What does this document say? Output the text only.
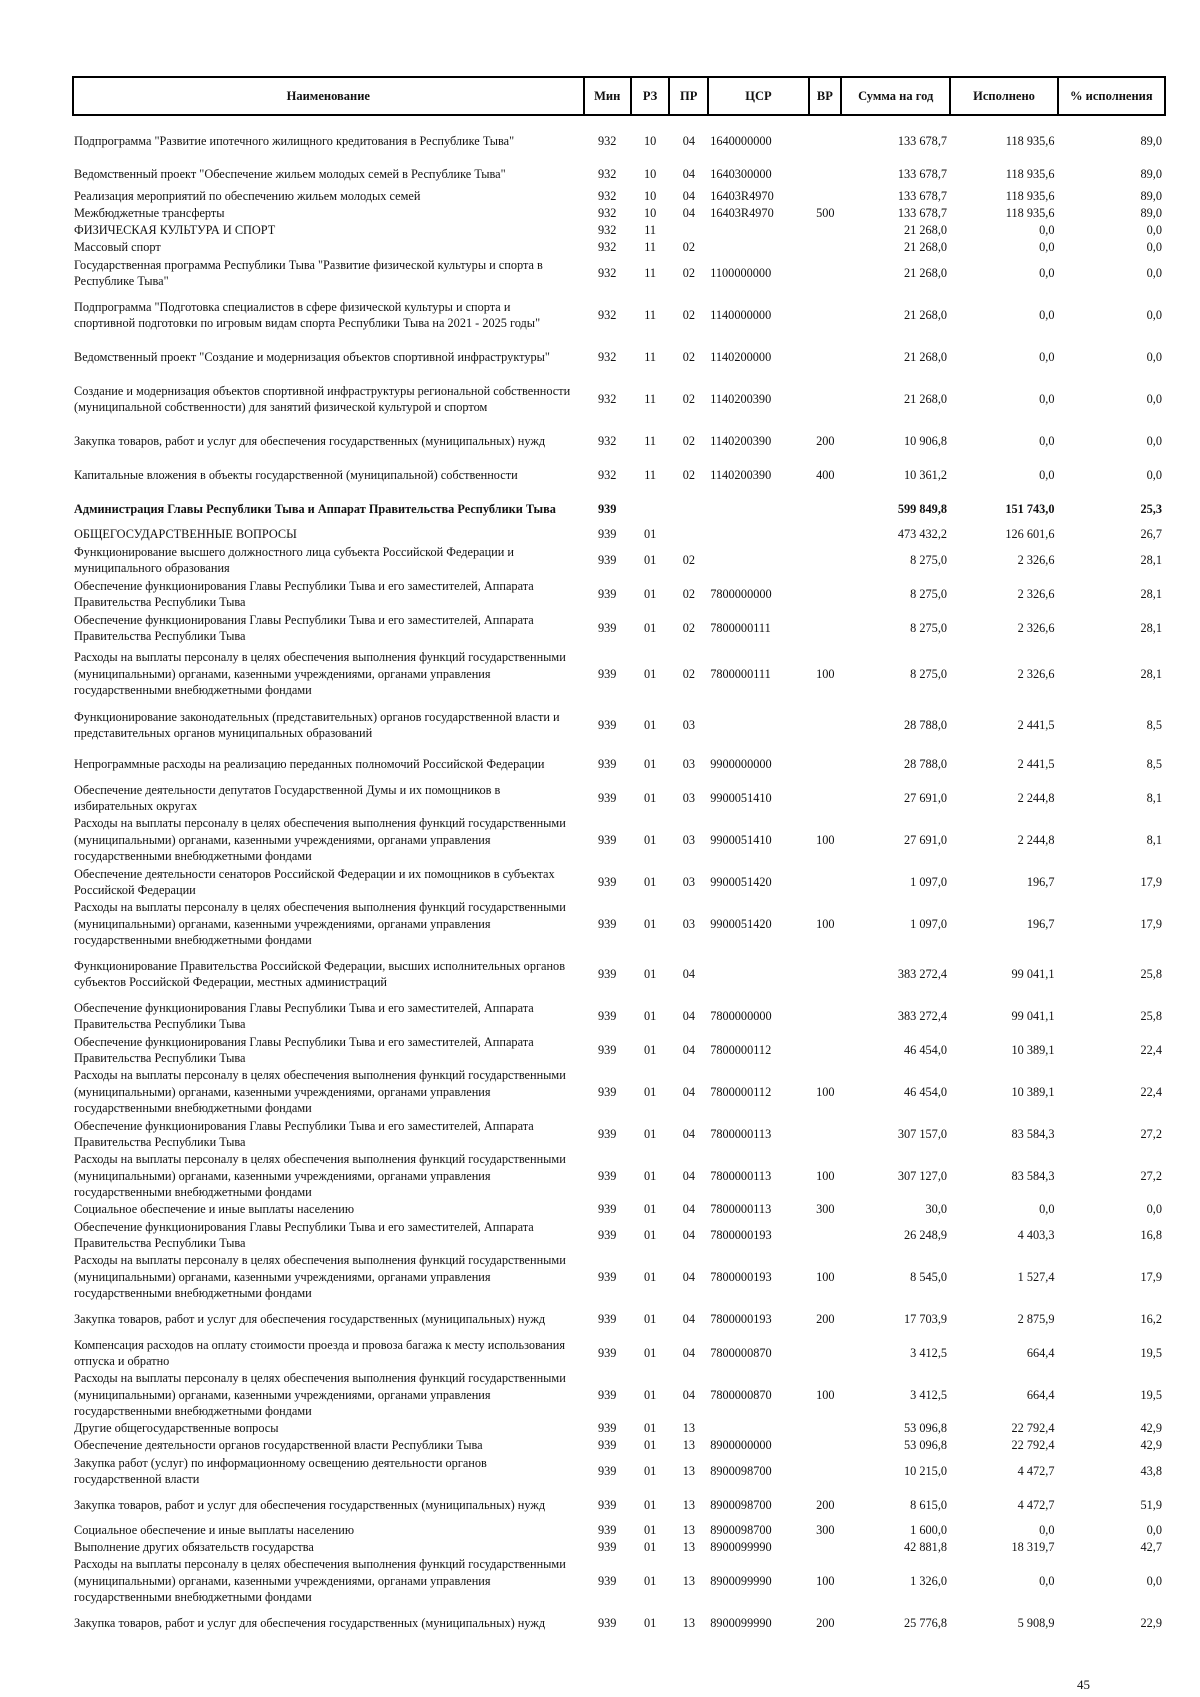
Наименование	Мин	РЗ	ПР	ЦСР	ВР	Сумма на год	Исполнено	% исполнения
Подпрограмма "Развитие ипотечного жилищного кредитования в Республике Тыва"	932	10	04	1640000000		133 678,7	118 935,6	89,0
Ведомственный проект "Обеспечение жильем молодых семей в Республике Тыва"	932	10	04	1640300000		133 678,7	118 935,6	89,0
Реализация мероприятий по обеспечению жильем молодых семей	932	10	04	16403R4970		133 678,7	118 935,6	89,0
Межбюджетные трансферты	932	10	04	16403R4970	500	133 678,7	118 935,6	89,0
ФИЗИЧЕСКАЯ КУЛЬТУРА И СПОРТ	932	11				21 268,0	0,0	0,0
Массовый спорт	932	11	02			21 268,0	0,0	0,0
Государственная программа Республики Тыва "Развитие физической культуры и спорта в Республике Тыва"	932	11	02	1100000000		21 268,0	0,0	0,0
Подпрограмма "Подготовка специалистов в сфере физической культуры и спорта и спортивной подготовки по игровым видам спорта Республики Тыва на 2021 - 2025 годы"	932	11	02	1140000000		21 268,0	0,0	0,0
Ведомственный проект "Создание и модернизация объектов спортивной инфраструктуры"	932	11	02	1140200000		21 268,0	0,0	0,0
Создание и модернизация объектов спортивной инфраструктуры региональной собственности (муниципальной собственности) для занятий физической культурой и спортом	932	11	02	1140200390		21 268,0	0,0	0,0
Закупка товаров, работ и услуг для обеспечения государственных (муниципальных) нужд	932	11	02	1140200390	200	10 906,8	0,0	0,0
Капитальные вложения в объекты государственной (муниципальной) собственности	932	11	02	1140200390	400	10 361,2	0,0	0,0
Администрация Главы Республики Тыва и Аппарат Правительства Республики Тыва	939					599 849,8	151 743,0	25,3
ОБЩЕГОСУДАРСТВЕННЫЕ ВОПРОСЫ	939	01				473 432,2	126 601,6	26,7
Функционирование высшего должностного лица субъекта Российской Федерации и муниципального образования	939	01	02			8 275,0	2 326,6	28,1
Обеспечение функционирования Главы Республики Тыва и его заместителей, Аппарата Правительства Республики Тыва	939	01	02	7800000000		8 275,0	2 326,6	28,1
Обеспечение функционирования Главы Республики Тыва и его заместителей, Аппарата Правительства Республики Тыва	939	01	02	7800000111		8 275,0	2 326,6	28,1
Расходы на выплаты персоналу в целях обеспечения выполнения функций государственными (муниципальными) органами, казенными учреждениями, органами управления государственными внебюджетными фондами	939	01	02	7800000111	100	8 275,0	2 326,6	28,1
Функционирование законодательных (представительных) органов государственной власти и представительных органов муниципальных образований	939	01	03			28 788,0	2 441,5	8,5
Непрограммные расходы на реализацию переданных полномочий Российской Федерации	939	01	03	9900000000		28 788,0	2 441,5	8,5
Обеспечение деятельности депутатов Государственной Думы и их помощников в избирательных округах	939	01	03	9900051410		27 691,0	2 244,8	8,1
Расходы на выплаты персоналу в целях обеспечения выполнения функций государственными (муниципальными) органами, казенными учреждениями, органами управления государственными внебюджетными фондами	939	01	03	9900051410	100	27 691,0	2 244,8	8,1
Обеспечение деятельности сенаторов Российской Федерации и их помощников в субъектах Российской Федерации	939	01	03	9900051420		1 097,0	196,7	17,9
Расходы на выплаты персоналу в целях обеспечения выполнения функций государственными (муниципальными) органами, казенными учреждениями, органами управления государственными внебюджетными фондами	939	01	03	9900051420	100	1 097,0	196,7	17,9
Функционирование Правительства Российской Федерации, высших исполнительных органов субъектов Российской Федерации, местных администраций	939	01	04			383 272,4	99 041,1	25,8
Обеспечение функционирования Главы Республики Тыва и его заместителей, Аппарата Правительства Республики Тыва	939	01	04	7800000000		383 272,4	99 041,1	25,8
Обеспечение функционирования Главы Республики Тыва и его заместителей, Аппарата Правительства Республики Тыва	939	01	04	7800000112		46 454,0	10 389,1	22,4
Расходы на выплаты персоналу в целях обеспечения выполнения функций государственными (муниципальными) органами, казенными учреждениями, органами управления государственными внебюджетными фондами	939	01	04	7800000112	100	46 454,0	10 389,1	22,4
Обеспечение функционирования Главы Республики Тыва и его заместителей, Аппарата Правительства Республики Тыва	939	01	04	7800000113		307 157,0	83 584,3	27,2
Расходы на выплаты персоналу в целях обеспечения выполнения функций государственными (муниципальными) органами, казенными учреждениями, органами управления государственными внебюджетными фондами	939	01	04	7800000113	100	307 127,0	83 584,3	27,2
Социальное обеспечение и иные выплаты населению	939	01	04	7800000113	300	30,0	0,0	0,0
Обеспечение функционирования Главы Республики Тыва и его заместителей, Аппарата Правительства Республики Тыва	939	01	04	7800000193		26 248,9	4 403,3	16,8
Расходы на выплаты персоналу в целях обеспечения выполнения функций государственными (муниципальными) органами, казенными учреждениями, органами управления государственными внебюджетными фондами	939	01	04	7800000193	100	8 545,0	1 527,4	17,9
Закупка товаров, работ и услуг для обеспечения государственных (муниципальных) нужд	939	01	04	7800000193	200	17 703,9	2 875,9	16,2
Компенсация расходов на оплату стоимости проезда и провоза багажа к месту использования отпуска и обратно	939	01	04	7800000870		3 412,5	664,4	19,5
Расходы на выплаты персоналу в целях обеспечения выполнения функций государственными (муниципальными) органами, казенными учреждениями, органами управления государственными внебюджетными фондами	939	01	04	7800000870	100	3 412,5	664,4	19,5
Другие общегосударственные вопросы	939	01	13			53 096,8	22 792,4	42,9
Обеспечение деятельности органов государственной власти Республики Тыва	939	01	13	8900000000		53 096,8	22 792,4	42,9
Закупка работ (услуг) по информационному освещению деятельности органов государственной власти	939	01	13	8900098700		10 215,0	4 472,7	43,8
Закупка товаров, работ и услуг для обеспечения государственных (муниципальных) нужд	939	01	13	8900098700	200	8 615,0	4 472,7	51,9
Социальное обеспечение и иные выплаты населению	939	01	13	8900098700	300	1 600,0	0,0	0,0
Выполнение других обязательств государства	939	01	13	8900099990		42 881,8	18 319,7	42,7
Расходы на выплаты персоналу в целях обеспечения выполнения функций государственными (муниципальными) органами, казенными учреждениями, органами управления государственными внебюджетными фондами	939	01	13	8900099990	100	1 326,0	0,0	0,0
Закупка товаров, работ и услуг для обеспечения государственных (муниципальных) нужд	939	01	13	8900099990	200	25 776,8	5 908,9	22,9
45
